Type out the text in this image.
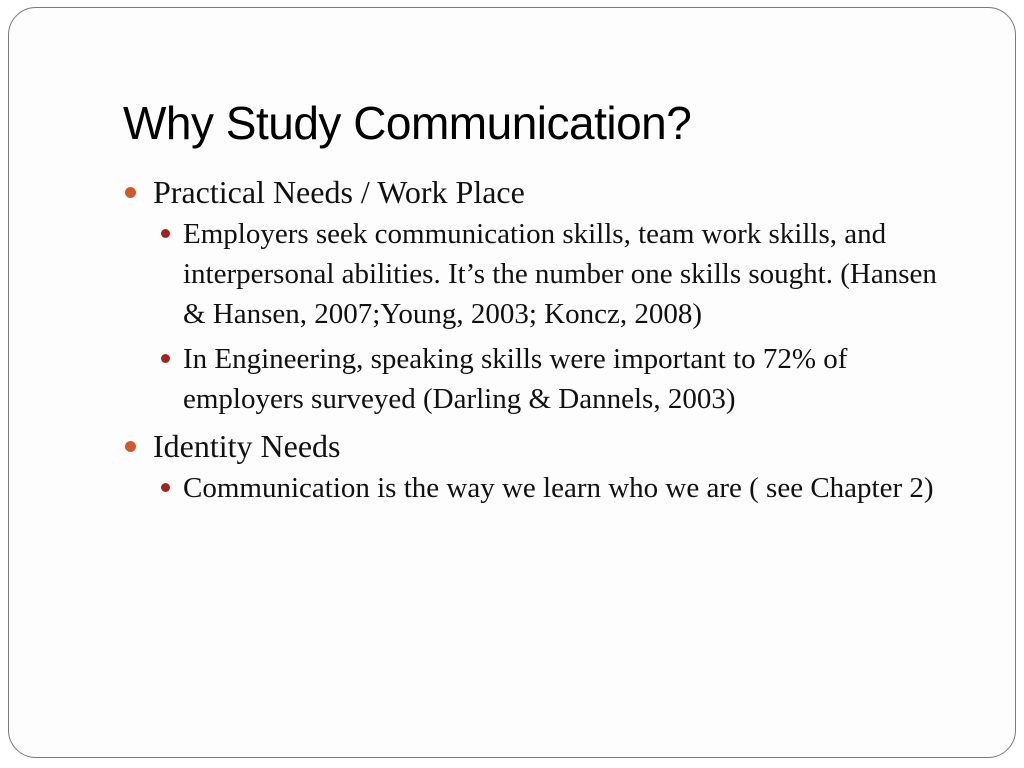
Why Study Communication?
Practical Needs / Work Place
Employers seek communication skills, team work skills, and interpersonal abilities. It’s the number one skills sought. (Hansen & Hansen, 2007;Young, 2003; Koncz, 2008)
In Engineering, speaking skills were important to 72% of employers surveyed (Darling & Dannels, 2003)
Identity Needs
Communication is the way we learn who we are ( see Chapter 2)
